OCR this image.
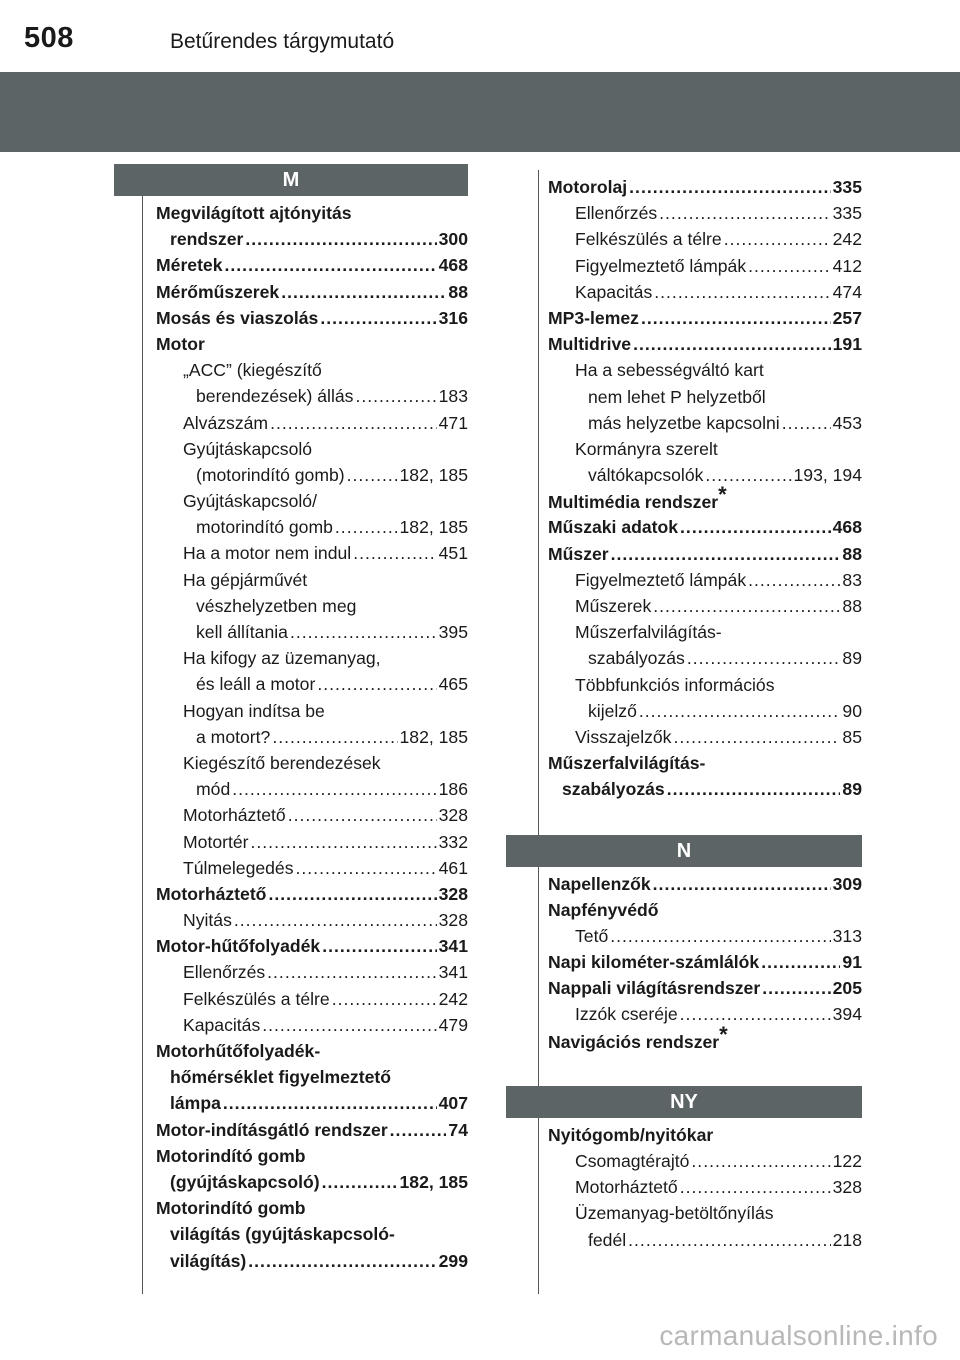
508	Betűrendes tárgymutató
M
Megvilágított ajtónyitás
rendszer .....	300
Méretek .....	468
Mérőműszerek .....	88
Mosás és viaszolás .....	316
Motor
„ACC” (kiegészítő
berendezések) állás .....	183
Alvázszám .....	471
Gyújtáskapcsoló
(motorindító gomb) .....	182, 185
Gyújtáskapcsoló/
motorindító gomb .....	182, 185
Ha a motor nem indul .....	451
Ha gépjárművét
vészhelyzetben meg
kell állítania .....	395
Ha kifogy az üzemanyag,
és leáll a motor .....	465
Hogyan indítsa be
a motort? .....	182, 185
Kiegészítő berendezések
mód .....	186
Motorháztető .....	328
Motortér .....	332
Túlmelegedés .....	461
Motorháztető .....	328
Nyitás .....	328
Motor-hűtőfolyadék .....	341
Ellenőrzés .....	341
Felkészülés a télre .....	242
Kapacitás .....	479
Motorhűtőfolyadék-
hőmérséklet figyelmeztető
lámpa .....	407
Motor-indításgátló rendszer .....	74
Motorindító gomb
(gyújtáskapcsoló) .....	182, 185
Motorindító gomb
világítás (gyújtáskapcsoló-
világítás) .....	299
Motorolaj .....	335
Ellenőrzés .....	335
Felkészülés a télre .....	242
Figyelmeztető lámpák .....	412
Kapacitás .....	474
MP3-lemez .....	257
Multidrive .....	191
Ha a sebességváltó kart
nem lehet P helyzetből
más helyzetbe kapcsolni .....	453
Kormányra szerelt
váltókapcsolók .....	193, 194
Multimédia rendszer*
Műszaki adatok .....	468
Műszer .....	88
Figyelmeztető lámpák .....	83
Műszerek .....	88
Műszerfalvilágítás-
szabályozás .....	89
Többfunkciós információs
kijelző .....	90
Visszajelzők .....	85
Műszerfalvilágítás-
szabályozás .....	89
N
Napellenzők .....	309
Napfényvédő
Tető .....	313
Napi kilométer-számlálók .....	91
Nappali világításrendszer .....	205
Izzók cseréje .....	394
Navigációs rendszer*
NY
Nyitógomb/nyitókar
Csomagtérajtó .....	122
Motorháztető .....	328
Üzemanyag-betöltőnyílás
fedél .....	218
carmanualsonline.info
